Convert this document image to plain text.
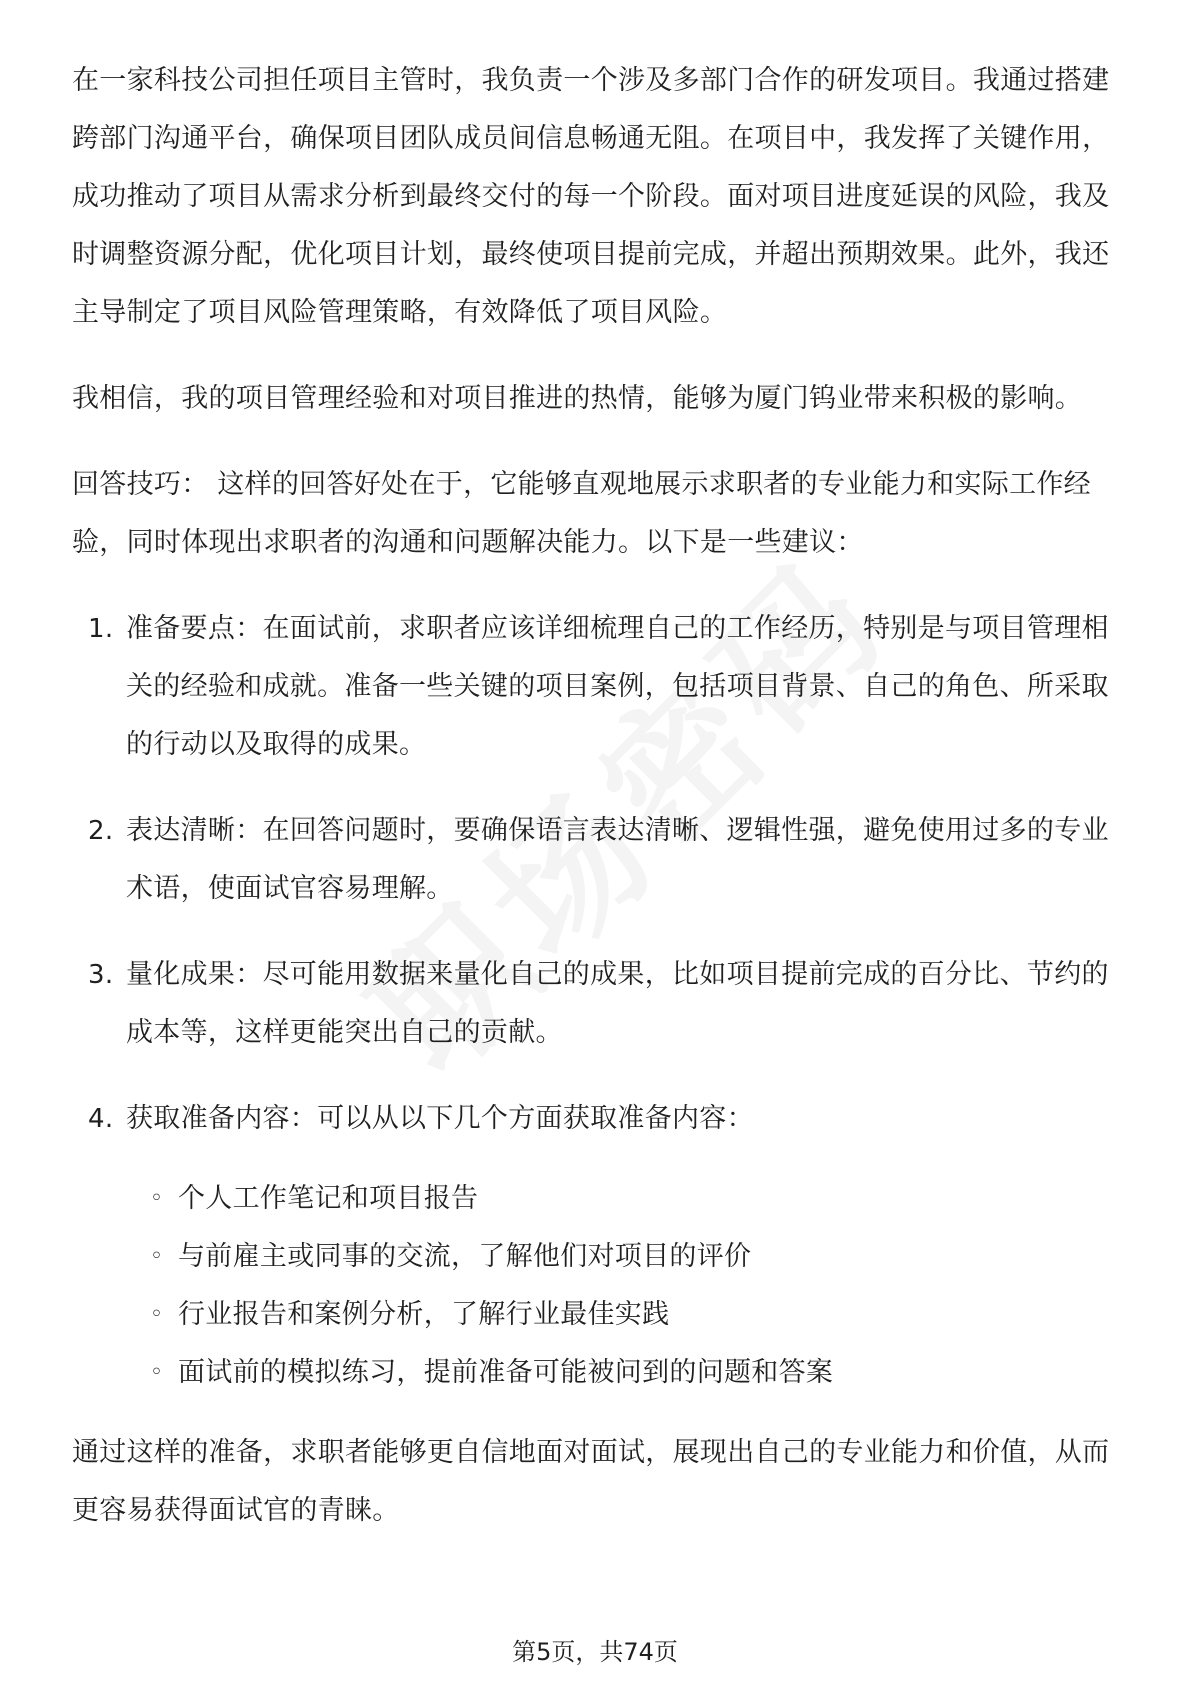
在一家科技公司担任项目主管时，我负责一个涉及多部门合作的研发项目。我通过搭建跨部门沟通平台，确保项目团队成员间信息畅通无阻。在项目中，我发挥了关键作用，成功推动了项目从需求分析到最终交付的每一个阶段。面对项目进度延误的风险，我及时调整资源分配，优化项目计划，最终使项目提前完成，并超出预期效果。此外，我还主导制定了项目风险管理策略，有效降低了项目风险。

我相信，我的项目管理经验和对项目推进的热情，能够为厦门钨业带来积极的影响。

回答技巧： 这样的回答好处在于，它能够直观地展示求职者的专业能力和实际工作经验，同时体现出求职者的沟通和问题解决能力。以下是一些建议：

1. 准备要点：在面试前，求职者应该详细梳理自己的工作经历，特别是与项目管理相关的经验和成就。准备一些关键的项目案例，包括项目背景、自己的角色、所采取的行动以及取得的成果。
2. 表达清晰：在回答问题时，要确保语言表达清晰、逻辑性强，避免使用过多的专业术语，使面试官容易理解。
3. 量化成果：尽可能用数据来量化自己的成果，比如项目提前完成的百分比、节约的成本等，这样更能突出自己的贡献。
4. 获取准备内容：可以从以下几个方面获取准备内容：
◦ 个人工作笔记和项目报告
◦ 与前雇主或同事的交流，了解他们对项目的评价
◦ 行业报告和案例分析，了解行业最佳实践
◦ 面试前的模拟练习，提前准备可能被问到的问题和答案

通过这样的准备，求职者能够更自信地面对面试，展现出自己的专业能力和价值，从而更容易获得面试官的青睐。

第5页，共74页
